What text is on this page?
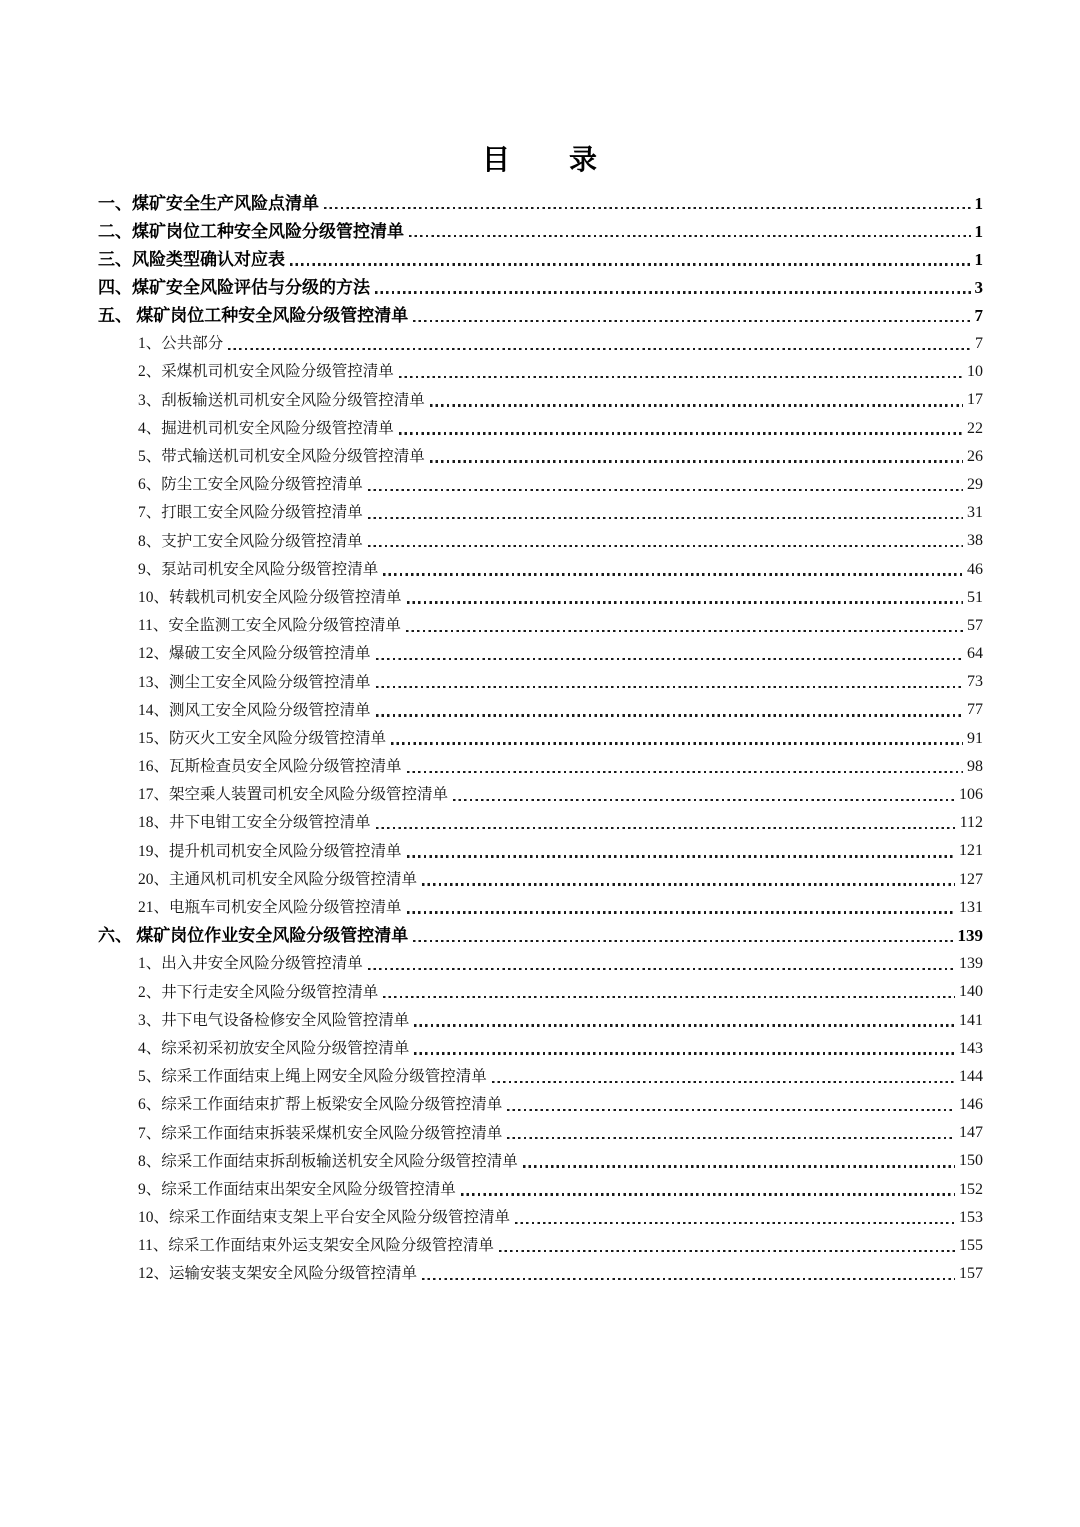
目　　录
一、煤矿安全生产风险点清单	1
二、煤矿岗位工种安全风险分级管控清单	1
三、风险类型确认对应表	1
四、煤矿安全风险评估与分级的方法	3
五、 煤矿岗位工种安全风险分级管控清单	7
1、公共部分	7
2、采煤机司机安全风险分级管控清单	10
3、刮板输送机司机安全风险分级管控清单	17
4、掘进机司机安全风险分级管控清单	22
5、带式输送机司机安全风险分级管控清单	26
6、防尘工安全风险分级管控清单	29
7、打眼工安全风险分级管控清单	31
8、支护工安全风险分级管控清单	38
9、泵站司机安全风险分级管控清单	46
10、转载机司机安全风险分级管控清单	51
11、安全监测工安全风险分级管控清单	57
12、爆破工安全风险分级管控清单	64
13、测尘工安全风险分级管控清单	73
14、测风工安全风险分级管控清单	77
15、防灭火工安全风险分级管控清单	91
16、瓦斯检查员安全风险分级管控清单	98
17、架空乘人装置司机安全风险分级管控清单	106
18、井下电钳工安全分级管控清单	112
19、提升机司机安全风险分级管控清单	121
20、主通风机司机安全风险分级管控清单	127
21、电瓶车司机安全风险分级管控清单	131
六、 煤矿岗位作业安全风险分级管控清单	139
1、出入井安全风险分级管控清单	139
2、井下行走安全风险分级管控清单	140
3、井下电气设备检修安全风险管控清单	141
4、综采初采初放安全风险分级管控清单	143
5、综采工作面结束上绳上网安全风险分级管控清单	144
6、综采工作面结束扩帮上板梁安全风险分级管控清单	146
7、综采工作面结束拆装采煤机安全风险分级管控清单	147
8、综采工作面结束拆刮板输送机安全风险分级管控清单	150
9、综采工作面结束出架安全风险分级管控清单	152
10、综采工作面结束支架上平台安全风险分级管控清单	153
11、综采工作面结束外运支架安全风险分级管控清单	155
12、运输安装支架安全风险分级管控清单	157
